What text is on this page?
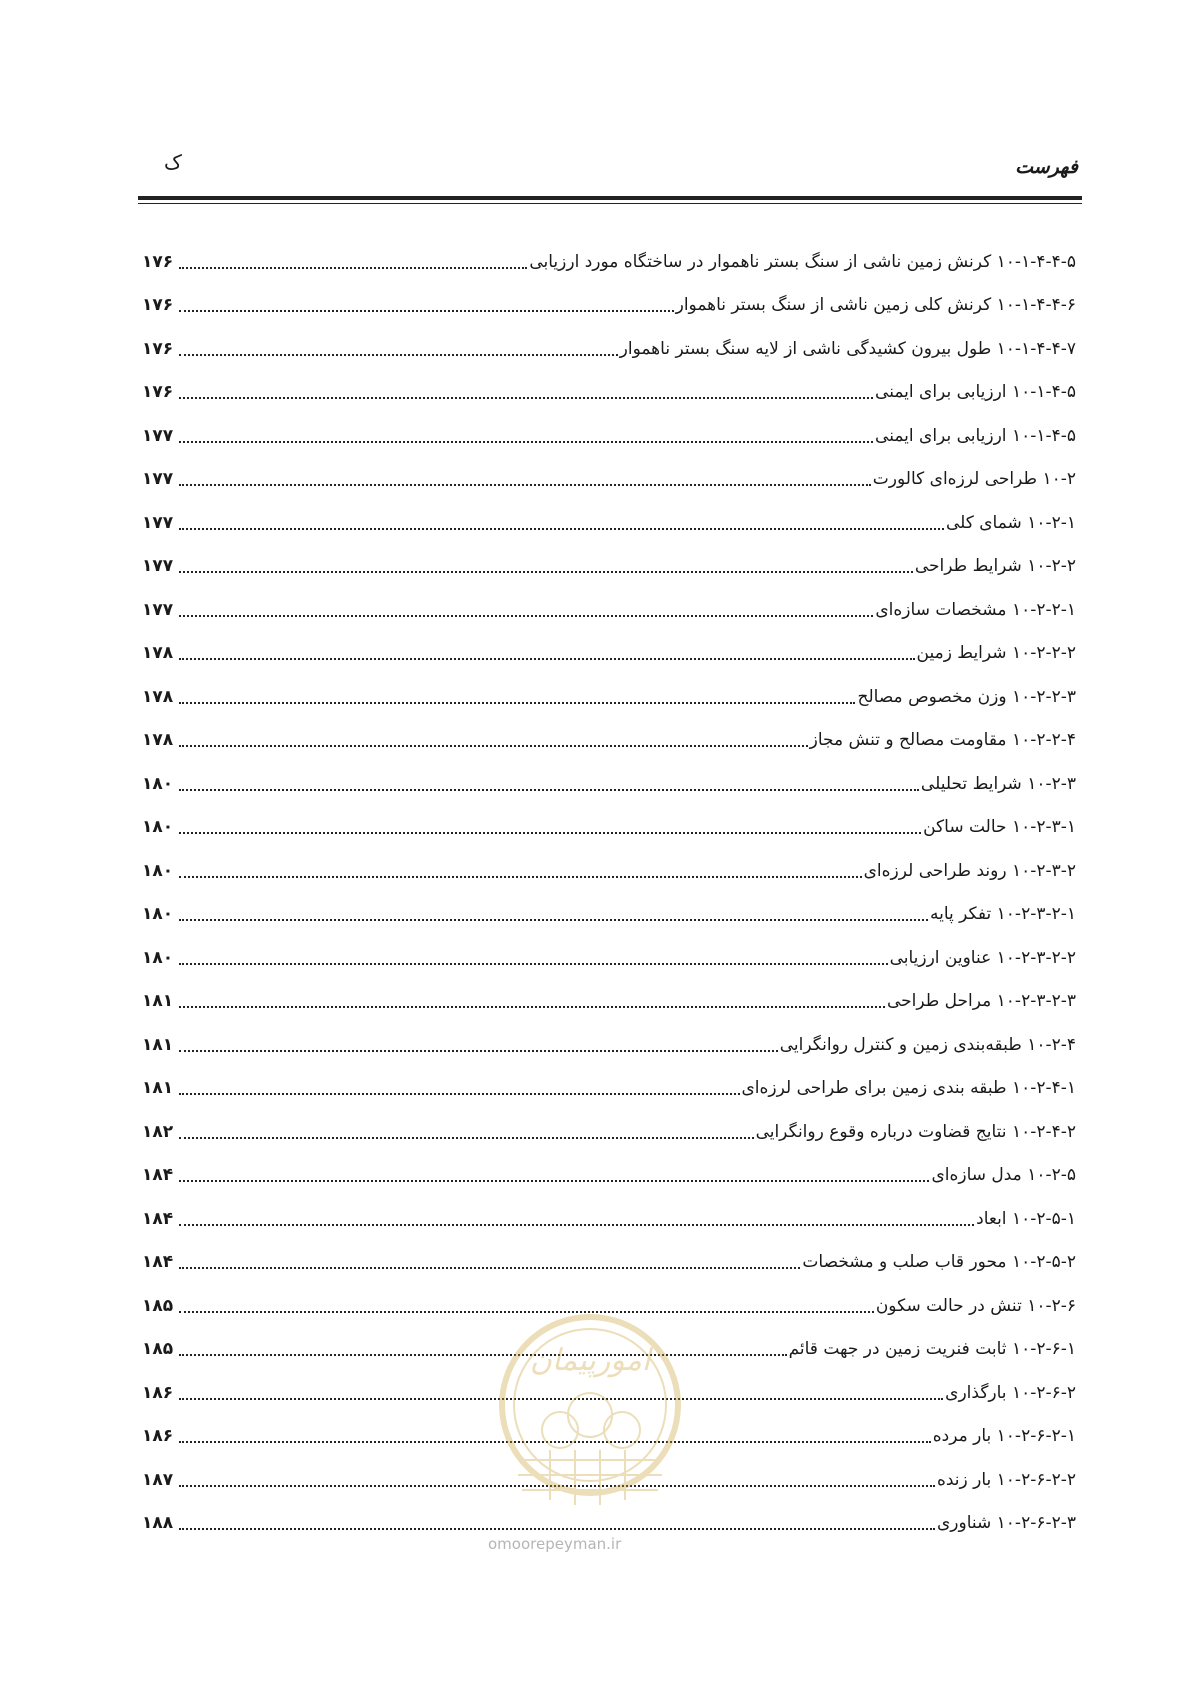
فهرست
ک
۱۰-۱-۴-۴-۵ کرنش زمین ناشی از سنگ بستر ناهموار در ساختگاه مورد ارزیابی
۱۷۶
۱۰-۱-۴-۴-۶ کرنش کلی زمین ناشی از سنگ بستر ناهموار
۱۷۶
۱۰-۱-۴-۴-۷ طول بیرون کشیدگی ناشی از لایه سنگ بستر ناهموار
۱۷۶
۱۰-۱-۴-۵ ارزیابی برای ایمنی
۱۷۶
۱۰-۱-۴-۵ ارزیابی برای ایمنی
۱۷۷
۱۰-۲ طراحی لرزه‌ای کالورت
۱۷۷
۱۰-۲-۱ شمای کلی
۱۷۷
۱۰-۲-۲ شرایط طراحی
۱۷۷
۱۰-۲-۲-۱ مشخصات سازه‌ای
۱۷۷
۱۰-۲-۲-۲ شرایط زمین
۱۷۸
۱۰-۲-۲-۳ وزن مخصوص مصالح
۱۷۸
۱۰-۲-۲-۴ مقاومت مصالح و تنش مجاز
۱۷۸
۱۰-۲-۳ شرایط تحلیلی
۱۸۰
۱۰-۲-۳-۱ حالت ساکن
۱۸۰
۱۰-۲-۳-۲ روند طراحی لرزه‌ای
۱۸۰
۱۰-۲-۳-۲-۱ تفکر پایه
۱۸۰
۱۰-۲-۳-۲-۲ عناوین ارزیابی
۱۸۰
۱۰-۲-۳-۲-۳ مراحل طراحی
۱۸۱
۱۰-۲-۴ طبقه‌بندی زمین و کنترل روانگرایی
۱۸۱
۱۰-۲-۴-۱ طبقه بندی زمین برای طراحی لرزه‌ای
۱۸۱
۱۰-۲-۴-۲ نتایج قضاوت درباره وقوع روانگرایی
۱۸۲
۱۰-۲-۵ مدل سازه‌ای
۱۸۴
۱۰-۲-۵-۱ ابعاد
۱۸۴
۱۰-۲-۵-۲ محور قاب صلب و مشخصات
۱۸۴
۱۰-۲-۶ تنش در حالت سکون
۱۸۵
۱۰-۲-۶-۱ ثابت فنریت زمین در جهت قائم
۱۸۵
۱۰-۲-۶-۲ بارگذاری
۱۸۶
۱۰-۲-۶-۲-۱ بار مرده
۱۸۶
۱۰-۲-۶-۲-۲ بار زنده
۱۸۷
۱۰-۲-۶-۲-۳ شناوری
۱۸۸
امورپیمان
omoorepeyman.ir
